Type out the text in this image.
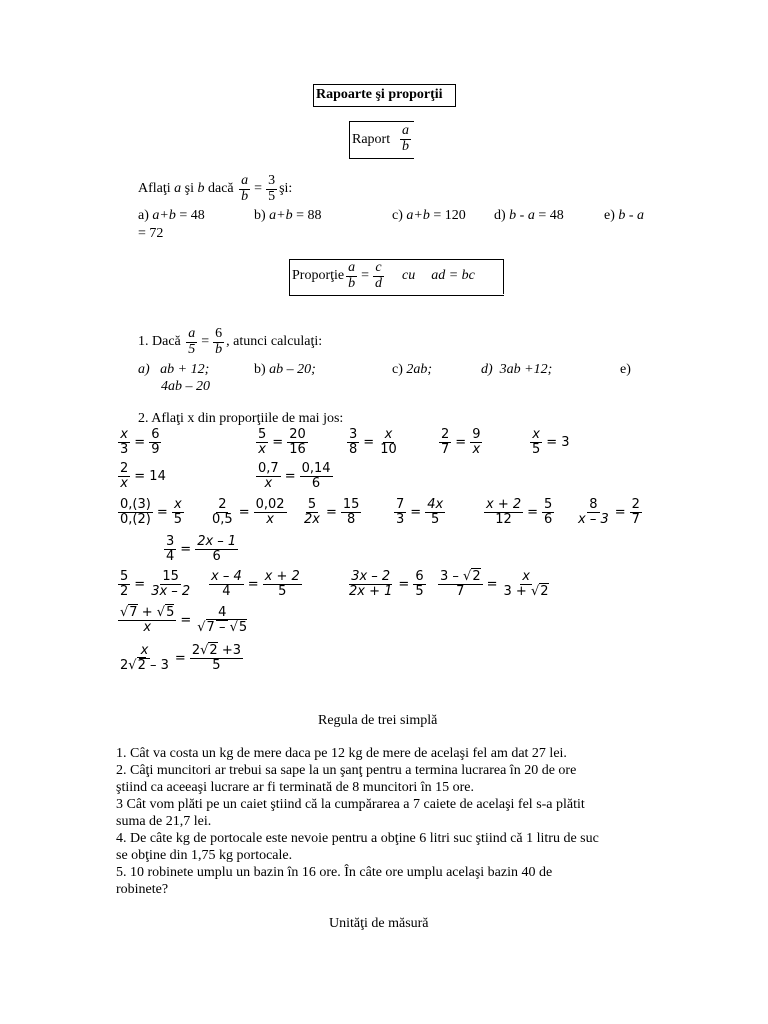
Rapoarte şi proporţii
Raport $\frac{a}{b}$
Aflaţi
a
şi
b
dacă
$\frac{a}{b} = \frac{3}{5}$ şi:
a) a+b = 48	b) a+b = 88	c) a+b = 120 d) b - a = 48	e) b - a
= 72
Proporţie $\frac{a}{b} = \frac{c}{d}$ cu ad = bc
1. Dacă
$\frac{a}{5} = \frac{6}{b}$ , atunci calculaţi:
a) ab + 12;	b) ab – 20;	c) 2ab;	d) 3ab +12;	e)
4ab – 20
2. Aflaţi x din proporţiile de mai jos:
$\frac{x}{3} = \frac{6}{9}$	$\frac{5}{x} = \frac{20}{16}$	$\frac{3}{8} = \frac{x}{10}$	$\frac{2}{7} = \frac{9}{x}$	$\frac{x}{5} = 3$
$\frac{2}{x} = 14$	$\frac{0,7}{x} = \frac{0,14}{6}$
$\frac{0,(3)}{0,(2)} = \frac{x}{5} \frac{2}{0,5} = \frac{0,02}{x} \frac{5}{2x} = \frac{15}{8}$	$\frac{7}{3} = \frac{4x}{5}$	$\frac{x + 2}{12} = \frac{5}{6} \frac{8}{x - 3} = \frac{2}{7}$
$\frac{3}{4} = \frac{2x - 1}{6}$
$\frac{5}{2} = \frac{15}{3x - 2} \frac{x - 4}{4} = \frac{x + 2}{5}$	$\frac{3x - 2}{2x + 1} = \frac{6}{5} \frac{3 - √2}{7} = \frac{x}{3 + √2}$
$\frac{√7 + √5}{x} = \frac{4}{√7 - √5}$
$\frac{x}{2√2 - 3} = \frac{2√2 +3}{5}$
Regula de trei simplă
1. Cât va costa un kg de mere daca pe 12 kg de mere de acelaşi fel am dat 27 lei.
2. Câţi muncitori ar trebui sa sape la un şanţ pentru a termina lucrarea în 20 de ore
ştiind ca aceeaşi lucrare ar fi terminată de 8 muncitori în 15 ore.
3 Cât vom plăti pe un caiet ştiind că la cumpărarea a 7 caiete de acelaşi fel s-a plătit
suma de 21,7 lei.
4. De câte kg de portocale este nevoie pentru a obţine 6 litri suc ştiind că 1 litru de suc
se obţine din 1,75 kg portocale.
5. 10 robinete umplu un bazin în 16 ore. În câte ore umplu acelaşi bazin 40 de
robinete?
Unităţi de măsură
